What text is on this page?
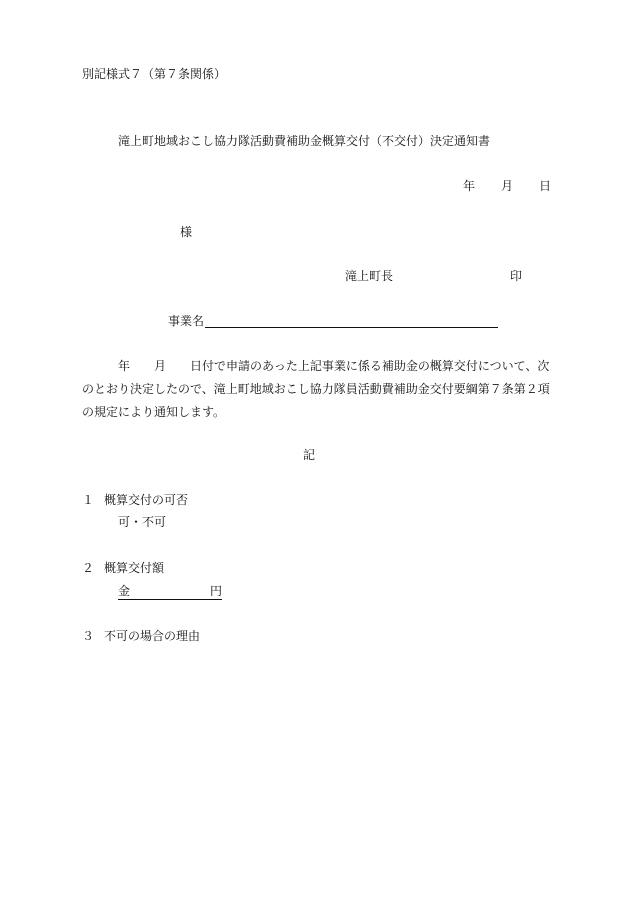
別記様式７（第７条関係）
滝上町地域おこし協力隊活動費補助金概算交付（不交付）決定通知書
年 月 日
様
滝上町長	印
事業名
年 月 日付で申請のあった上記事業に係る補助金の概算交付について、次のとおり決定したので、滝上町地域おこし協力隊員活動費補助金交付要綱第７条第２項の規定により通知します。
記
１ 概算交付の可否
可・不可
２ 概算交付額
金	円
３ 不可の場合の理由
